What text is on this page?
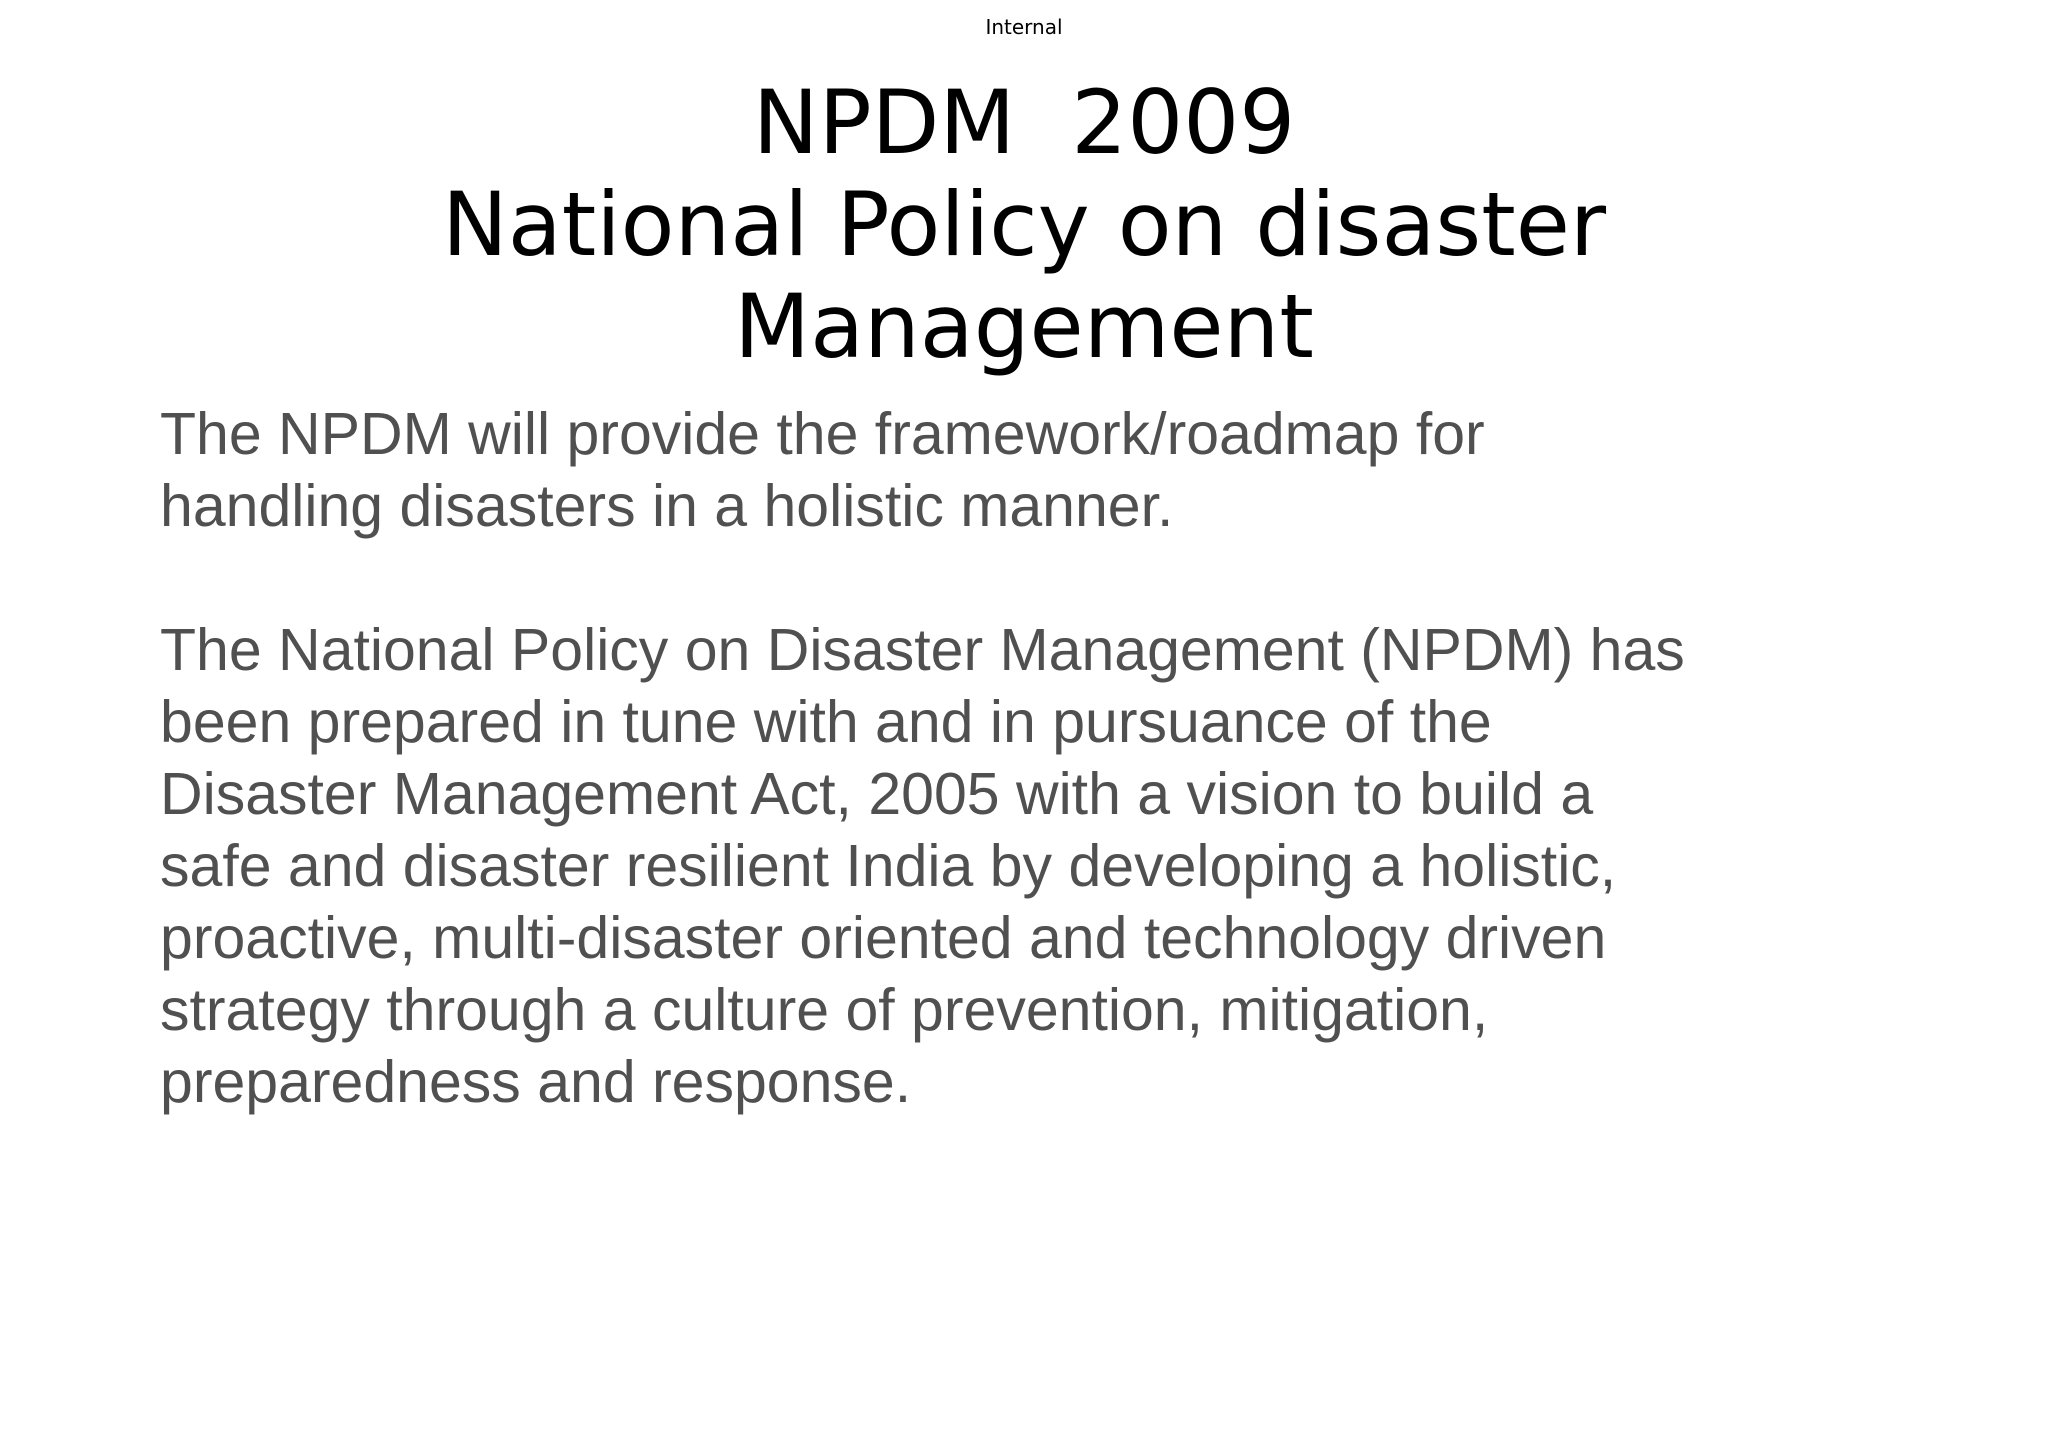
Internal
NPDM  2009
National Policy on disaster
Management
The NPDM will provide the framework/roadmap for
handling disasters in a holistic manner.
The National Policy on Disaster Management (NPDM) has
been prepared in tune with and in pursuance of the
Disaster Management Act, 2005 with a vision to build a
safe and disaster resilient India by developing a holistic,
proactive, multi-disaster oriented and technology driven
strategy through a culture of prevention, mitigation,
preparedness and response.
